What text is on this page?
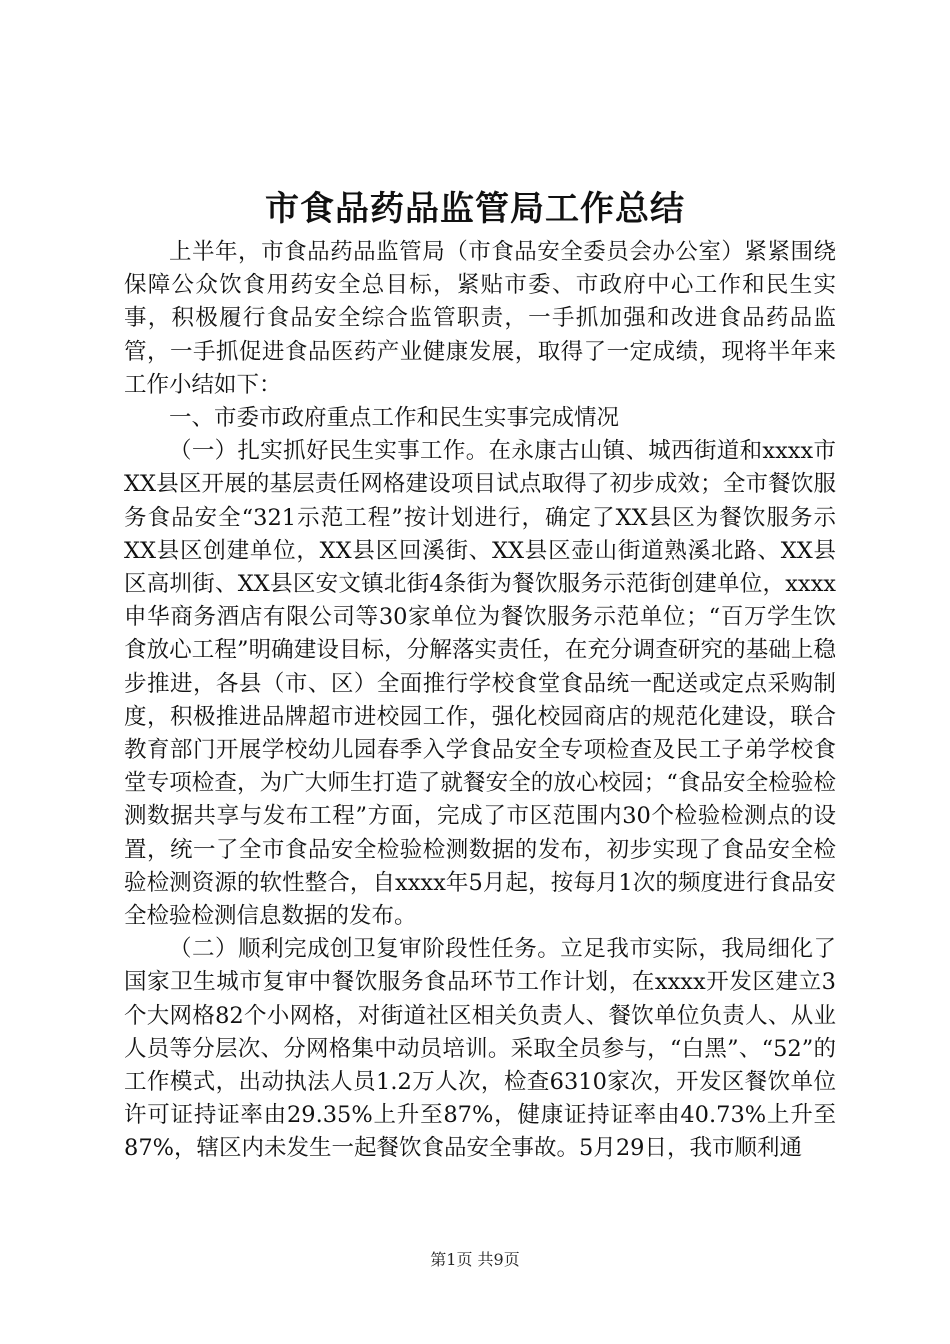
市食品药品监管局工作总结

上半年，市食品药品监管局（市食品安全委员会办公室）紧紧围绕保障公众饮食用药安全总目标，紧贴市委、市政府中心工作和民生实事，积极履行食品安全综合监管职责，一手抓加强和改进食品药品监管，一手抓促进食品医药产业健康发展，取得了一定成绩，现将半年来工作小结如下：

一、市委市政府重点工作和民生实事完成情况

（一）扎实抓好民生实事工作。在永康古山镇、城西街道和xxxx市XX县区开展的基层责任网格建设项目试点取得了初步成效；全市餐饮服务食品安全“321示范工程”按计划进行，确定了XX县区为餐饮服务示XX县区创建单位，XX县区回溪街、XX县区壶山街道熟溪北路、XX县区高圳街、XX县区安文镇北街4条街为餐饮服务示范街创建单位，xxxx申华商务酒店有限公司等30家单位为餐饮服务示范单位；“百万学生饮食放心工程”明确建设目标，分解落实责任，在充分调查研究的基础上稳步推进，各县（市、区）全面推行学校食堂食品统一配送或定点采购制度，积极推进品牌超市进校园工作，强化校园商店的规范化建设，联合教育部门开展学校幼儿园春季入学食品安全专项检查及民工子弟学校食堂专项检查，为广大师生打造了就餐安全的放心校园；“食品安全检验检测数据共享与发布工程”方面，完成了市区范围内30个检验检测点的设置，统一了全市食品安全检验检测数据的发布，初步实现了食品安全检验检测资源的软性整合，自xxxx年5月起，按每月1次的频度进行食品安全检验检测信息数据的发布。

（二）顺利完成创卫复审阶段性任务。立足我市实际，我局细化了国家卫生城市复审中餐饮服务食品环节工作计划，在xxxx开发区建立3个大网格82个小网格，对街道社区相关负责人、餐饮单位负责人、从业人员等分层次、分网格集中动员培训。采取全员参与，“白黑”、“52”的工作模式，出动执法人员1.2万人次，检查6310家次，开发区餐饮单位许可证持证率由29.35%上升至87%，健康证持证率由40.73%上升至87%，辖区内未发生一起餐饮食品安全事故。5月29日，我市顺利通

第1页 共9页
